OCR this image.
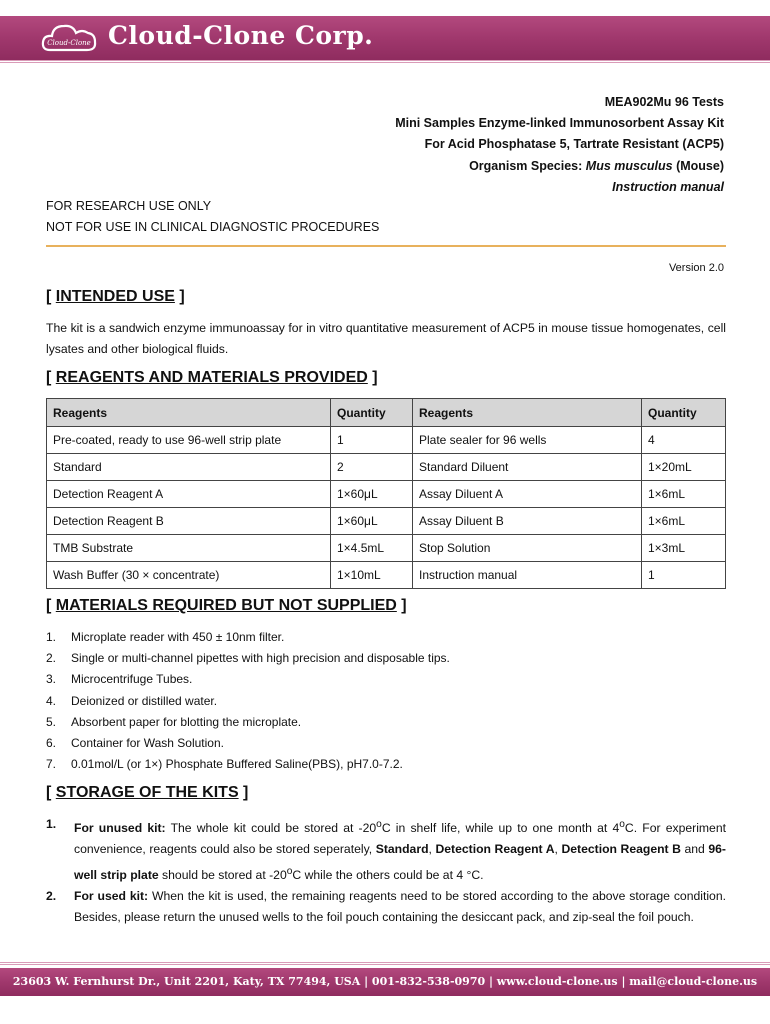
Cloud-Clone Cloud-Clone Corp.
MEA902Mu 96 Tests
Mini Samples Enzyme-linked Immunosorbent Assay Kit
For Acid Phosphatase 5, Tartrate Resistant (ACP5)
Organism Species: Mus musculus (Mouse)
Instruction manual
FOR RESEARCH USE ONLY
NOT FOR USE IN CLINICAL DIAGNOSTIC PROCEDURES
Version 2.0
[ INTENDED USE ]
The kit is a sandwich enzyme immunoassay for in vitro quantitative measurement of ACP5 in mouse tissue homogenates, cell lysates and other biological fluids.
[ REAGENTS AND MATERIALS PROVIDED ]
Reagents	Quantity	Reagents	Quantity
Pre-coated, ready to use 96-well strip plate	1	Plate sealer for 96 wells	4
Standard	2	Standard Diluent	1×20mL
Detection Reagent A	1×60μL	Assay Diluent A	1×6mL
Detection Reagent B	1×60μL	Assay Diluent B	1×6mL
TMB Substrate	1×4.5mL	Stop Solution	1×3mL
Wash Buffer (30 × concentrate)	1×10mL	Instruction manual	1
[ MATERIALS REQUIRED BUT NOT SUPPLIED ]
1. Microplate reader with 450 ± 10nm filter.
2. Single or multi-channel pipettes with high precision and disposable tips.
3. Microcentrifuge Tubes.
4. Deionized or distilled water.
5. Absorbent paper for blotting the microplate.
6. Container for Wash Solution.
7. 0.01mol/L (or 1×) Phosphate Buffered Saline(PBS), pH7.0-7.2.
[ STORAGE OF THE KITS ]
1. For unused kit: The whole kit could be stored at -20$^o$C in shelf life, while up to one month at 4$^o$C. For experiment convenience, reagents could also be stored seperately, Standard, Detection Reagent A, Detection Reagent B and 96-well strip plate should be stored at -20$^o$C while the others could be at 4 °C.
2. For used kit: When the kit is used, the remaining reagents need to be stored according to the above storage condition. Besides, please return the unused wells to the foil pouch containing the desiccant pack, and zip-seal the foil pouch.
23603 W. Fernhurst Dr., Unit 2201, Katy, TX 77494, USA | 001-832-538-0970 | www.cloud-clone.us | mail@cloud-clone.us
